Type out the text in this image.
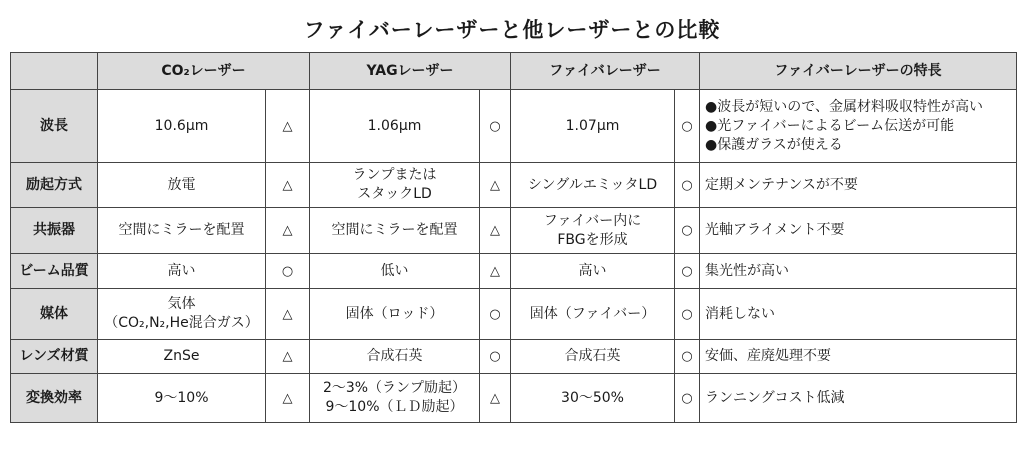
ファイバーレーザーと他レーザーとの比較
	CO₂レーザー		YAGレーザー		ファイバレーザー		ファイバーレーザーの特長
波長	10.6µm	△	1.06µm	○	1.07µm	○	●波長が短いので、金属材料吸収特性が高い
●光ファイバーによるビーム伝送が可能
●保護ガラスが使える

励起方式	放電	△	ランプまたは
スタックLD	△	シングルエミッタLD	○	定期メンテナンスが不要

共振器	空間にミラーを配置	△	空間にミラーを配置	△	ファイバー内に
FBGを形成	○	光軸アライメント不要

ビーム品質	高い	○	低い	△	高い	○	集光性が高い

媒体	気体
（CO₂,N₂,He混合ガス）	△	固体（ロッド）	○	固体（ファイバー）	○	消耗しない

レンズ材質	ZnSe	△	合成石英	○	合成石英	○	安価、産廃処理不要

変換効率	9～10%	△	2～3%（ランプ励起）
9～10%（ＬＤ励起）	△	30～50%	○	ランニングコスト低減
